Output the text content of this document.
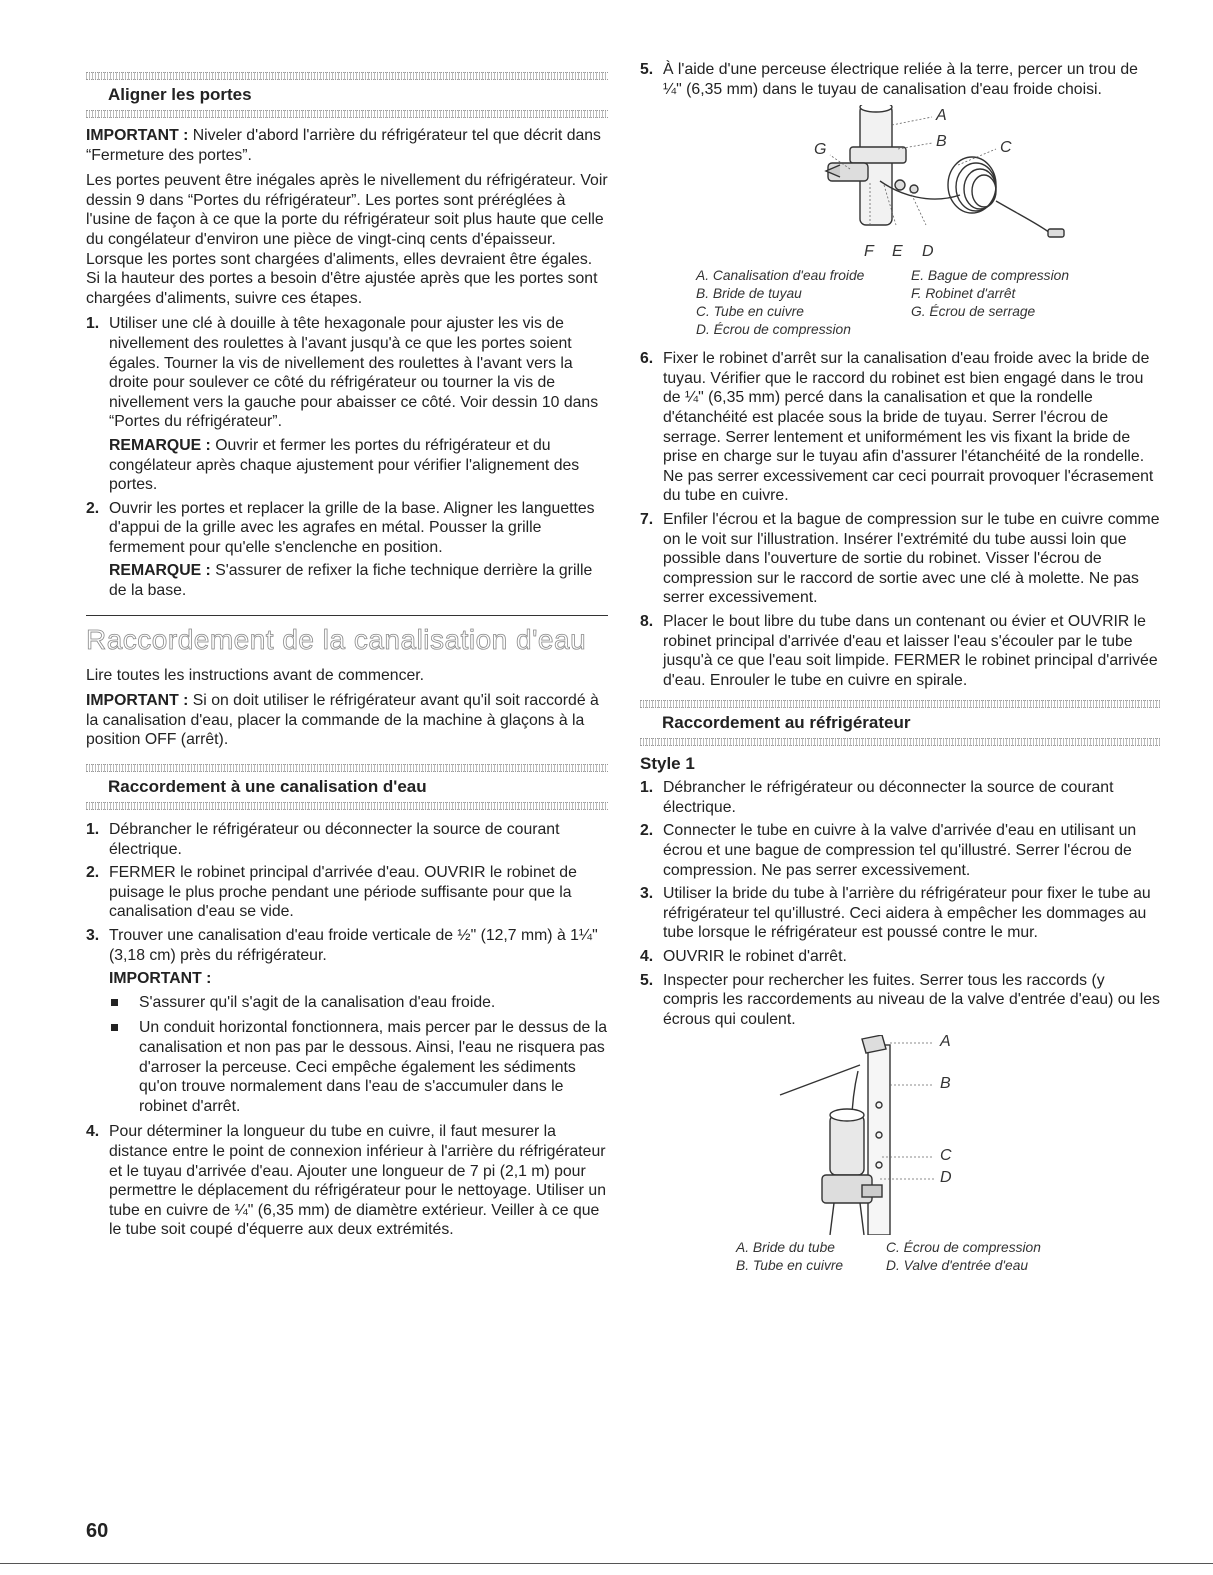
Aligner les portes

IMPORTANT : Niveler d'abord l'arrière du réfrigérateur tel que décrit dans “Fermeture des portes”.

Les portes peuvent être inégales après le nivellement du réfrigérateur. Voir dessin 9 dans “Portes du réfrigérateur”. Les portes sont préréglées à l'usine de façon à ce que la porte du réfrigérateur soit plus haute que celle du congélateur d'environ une pièce de vingt-cinq cents d'épaisseur. Lorsque les portes sont chargées d'aliments, elles devraient être égales. Si la hauteur des portes a besoin d'être ajustée après que les portes sont chargées d'aliments, suivre ces étapes.

1. Utiliser une clé à douille à tête hexagonale pour ajuster les vis de nivellement des roulettes à l'avant jusqu'à ce que les portes soient égales. Tourner la vis de nivellement des roulettes à l'avant vers la droite pour soulever ce côté du réfrigérateur ou tourner la vis de nivellement vers la gauche pour abaisser ce côté. Voir dessin 10 dans “Portes du réfrigérateur”.

REMARQUE : Ouvrir et fermer les portes du réfrigérateur et du congélateur après chaque ajustement pour vérifier l'alignement des portes.

2. Ouvrir les portes et replacer la grille de la base. Aligner les languettes d'appui de la grille avec les agrafes en métal. Pousser la grille fermement pour qu'elle s'enclenche en position.

REMARQUE : S'assurer de refixer la fiche technique derrière la grille de la base.

Raccordement de la canalisation d'eau

Lire toutes les instructions avant de commencer.

IMPORTANT : Si on doit utiliser le réfrigérateur avant qu'il soit raccordé à la canalisation d'eau, placer la commande de la machine à glaçons à la position OFF (arrêt).

Raccordement à une canalisation d'eau
1. Débrancher le réfrigérateur ou déconnecter la source de courant électrique.
2. FERMER le robinet principal d'arrivée d'eau. OUVRIR le robinet de puisage le plus proche pendant une période suffisante pour que la canalisation d'eau se vide.
3. Trouver une canalisation d'eau froide verticale de ½" (12,7 mm) à 1¼" (3,18 cm) près du réfrigérateur.

IMPORTANT :

S'assurer qu'il s'agit de la canalisation d'eau froide.
Un conduit horizontal fonctionnera, mais percer par le dessus de la canalisation et non pas par le dessous. Ainsi, l'eau ne risquera pas d'arroser la perceuse. Ceci empêche également les sédiments qu'on trouve normalement dans l'eau de s'accumuler dans le robinet d'arrêt.
4. Pour déterminer la longueur du tube en cuivre, il faut mesurer la distance entre le point de connexion inférieur à l'arrière du réfrigérateur et le tuyau d'arrivée d'eau. Ajouter une longueur de 7 pi (2,1 m) pour permettre le déplacement du réfrigérateur pour le nettoyage. Utiliser un tube en cuivre de ¼" (6,35 mm) de diamètre extérieur. Veiller à ce que le tube soit coupé d'équerre aux deux extrémités.
5. À l'aide d'une perceuse électrique reliée à la terre, percer un trou de ¼" (6,35 mm) dans le tuyau de canalisation d'eau froide choisi.
A
B	C
G
F E D
A. Canalisation d'eau froide	E. Bague de compression
B. Bride de tuyau	F. Robinet d'arrêt
C. Tube en cuivre	G. Écrou de serrage
D. Écrou de compression
6. Fixer le robinet d'arrêt sur la canalisation d'eau froide avec la bride de tuyau. Vérifier que le raccord du robinet est bien engagé dans le trou de ¼" (6,35 mm) percé dans la canalisation et que la rondelle d'étanchéité est placée sous la bride de tuyau. Serrer l'écrou de serrage. Serrer lentement et uniformément les vis fixant la bride de prise en charge sur le tuyau afin d'assurer l'étanchéité de la rondelle. Ne pas serrer excessivement car ceci pourrait provoquer l'écrasement du tube en cuivre.
7. Enfiler l'écrou et la bague de compression sur le tube en cuivre comme on le voit sur l'illustration. Insérer l'extrémité du tube aussi loin que possible dans l'ouverture de sortie du robinet. Visser l'écrou de compression sur le raccord de sortie avec une clé à molette. Ne pas serrer excessivement.
8. Placer le bout libre du tube dans un contenant ou évier et OUVRIR le robinet principal d'arrivée d'eau et laisser l'eau s'écouler par le tube jusqu'à ce que l'eau soit limpide. FERMER le robinet principal d'arrivée d'eau. Enrouler le tube en cuivre en spirale.
Raccordement au réfrigérateur
Style 1
1. Débrancher le réfrigérateur ou déconnecter la source de courant électrique.
2. Connecter le tube en cuivre à la valve d'arrivée d'eau en utilisant un écrou et une bague de compression tel qu'illustré. Serrer l'écrou de compression. Ne pas serrer excessivement.
3. Utiliser la bride du tube à l'arrière du réfrigérateur pour fixer le tube au réfrigérateur tel qu'illustré. Ceci aidera à empêcher les dommages au tube lorsque le réfrigérateur est poussé contre le mur.
4. OUVRIR le robinet d'arrêt.
5. Inspecter pour rechercher les fuites. Serrer tous les raccords (y compris les raccordements au niveau de la valve d'entrée d'eau) ou les écrous qui coulent.
A
B
C
D
A. Bride du tube	C. Écrou de compression
B. Tube en cuivre	D. Valve d'entrée d'eau
60
